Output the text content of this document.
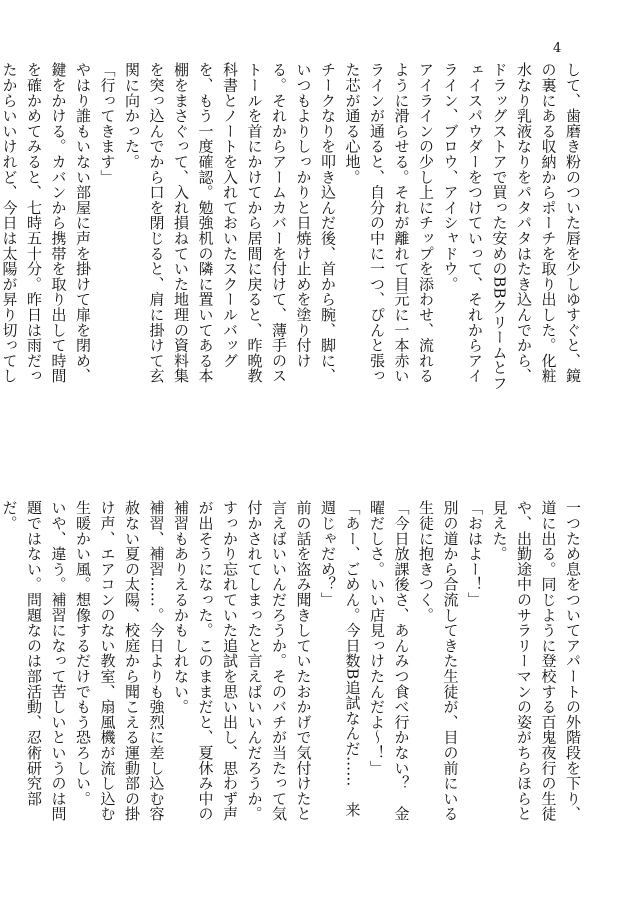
4

して、歯磨き粉のついた唇を少しゆすぐと、鏡の裏にある収納からポーチを取り出した。化粧水なり乳液なりをパタパタはたき込んでから、ドラッグストアで買った安めのBBクリームとフェイスパウダーをつけていって、それからアイライン、ブロウ、アイシャドウ。

アイラインの少し上にチップを添わせ、流れるように滑らせる。それが離れて目元に一本赤いラインが通ると、自分の中に一つ、ぴんと張った芯が通る心地。

チークなりを叩き込んだ後、首から腕、脚に、いつもよりしっかりと日焼け止めを塗り付ける。それからアームカバーを付けて、薄手のストールを首にかけてから居間に戻ると、昨晩教科書とノートを入れておいたスクールバッグを、もう一度確認。勉強机の隣に置いてある本棚をまさぐって、入れ損ねていた地理の資料集を突っ込んでから口を閉じると、肩に掛けて玄関に向かった。

「行ってきます」

やはり誰もいない部屋に声を掛けて扉を閉め、鍵をかける。カバンから携帯を取り出して時間を確かめてみると、七時五十分。昨日は雨だったからいいけれど、今日は太陽が昇り切ってし

一つため息をついてアパートの外階段を下り、道に出る。同じように登校する百鬼夜行の生徒や、出勤途中のサラリーマンの姿がちらほらと見えた。

「おはよー！」

別の道から合流してきた生徒が、目の前にいる生徒に抱きつく。

「今日放課後さ、あんみつ食べ行かない？　金曜だしさ。いい店見っけたんだよ〜！」

「あー、ごめん。今日数B追試なんだ……　来週じゃだめ？」

前の話を盗み聞きしていたおかげで気付けたと言えばいいんだろうか。そのバチが当たって気付かされてしまったと言えばいいんだろうか。すっかり忘れていた追試を思い出し、思わず声が出そうになった。このままだと、夏休み中の補習もありえるかもしれない。

補習、補習……。今日よりも強烈に差し込む容赦ない夏の太陽、校庭から聞こえる運動部の掛け声、エアコンのない教室、扇風機が流し込む生暖かい風。想像するだけでもう恐ろしい。

いや、違う。補習になって苦しいというのは問題ではない。問題なのは部活動、忍術研究部だ。
